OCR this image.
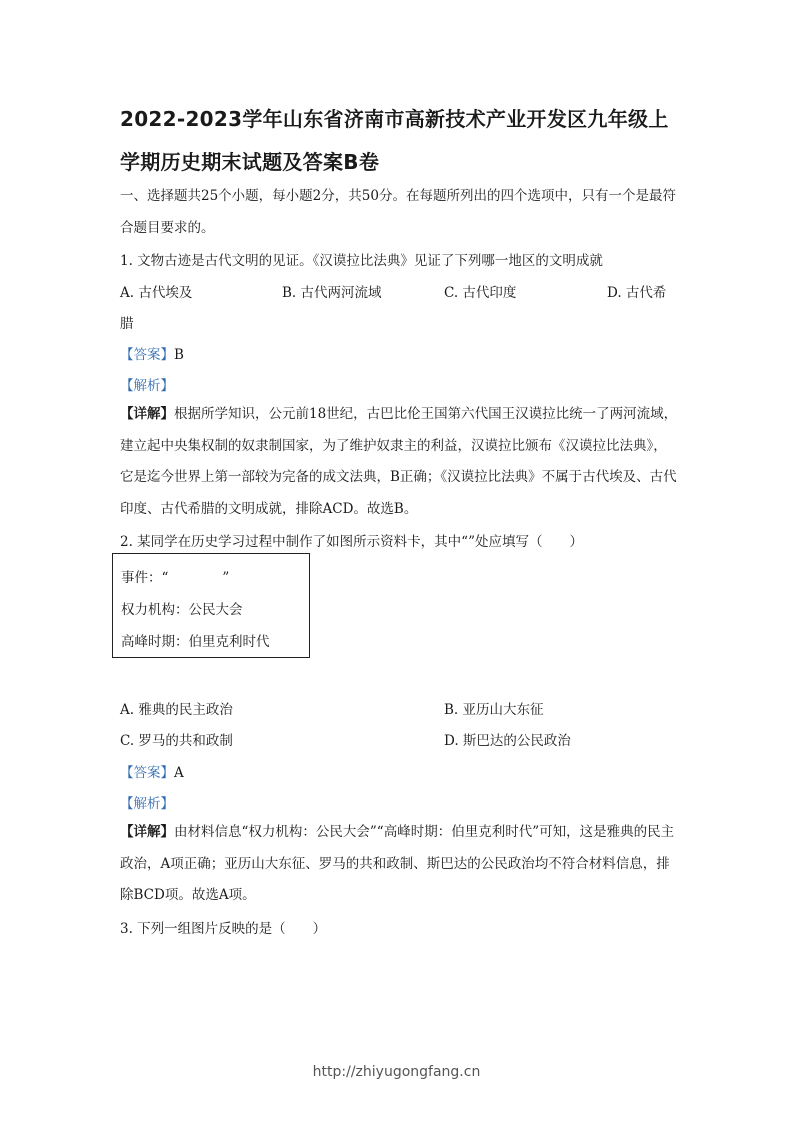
2022-2023学年山东省济南市高新技术产业开发区九年级上
学期历史期末试题及答案B卷
一、选择题共25个小题，每小题2分，共50分。在每题所列出的四个选项中，只有一个是最符合题目要求的。
1. 文物古迹是古代文明的见证。《汉谟拉比法典》见证了下列哪一地区的文明成就
A. 古代埃及	B. 古代两河流域	C. 古代印度	D. 古代希
腊
【答案】B
【解析】
【详解】根据所学知识，公元前18世纪，古巴比伦王国第六代国王汉谟拉比统一了两河流域，建立起中央集权制的奴隶制国家，为了维护奴隶主的利益，汉谟拉比颁布《汉谟拉比法典》，它是迄今世界上第一部较为完备的成文法典，B正确；《汉谟拉比法典》不属于古代埃及、古代印度、古代希腊的文明成就，排除ACD。故选B。
2. 某同学在历史学习过程中制作了如图所示资料卡，其中“”处应填写（　　）
事件：“　　　　”
权力机构：公民大会
高峰时期：伯里克利时代
A. 雅典的民主政治	B. 亚历山大东征
C. 罗马的共和政制	D. 斯巴达的公民政治
【答案】A
【解析】
【详解】由材料信息“权力机构：公民大会”“高峰时期：伯里克利时代”可知，这是雅典的民主政治，A项正确；亚历山大东征、罗马的共和政制、斯巴达的公民政治均不符合材料信息，排除BCD项。故选A项。
3. 下列一组图片反映的是（　　）
http://zhiyugongfang.cn
